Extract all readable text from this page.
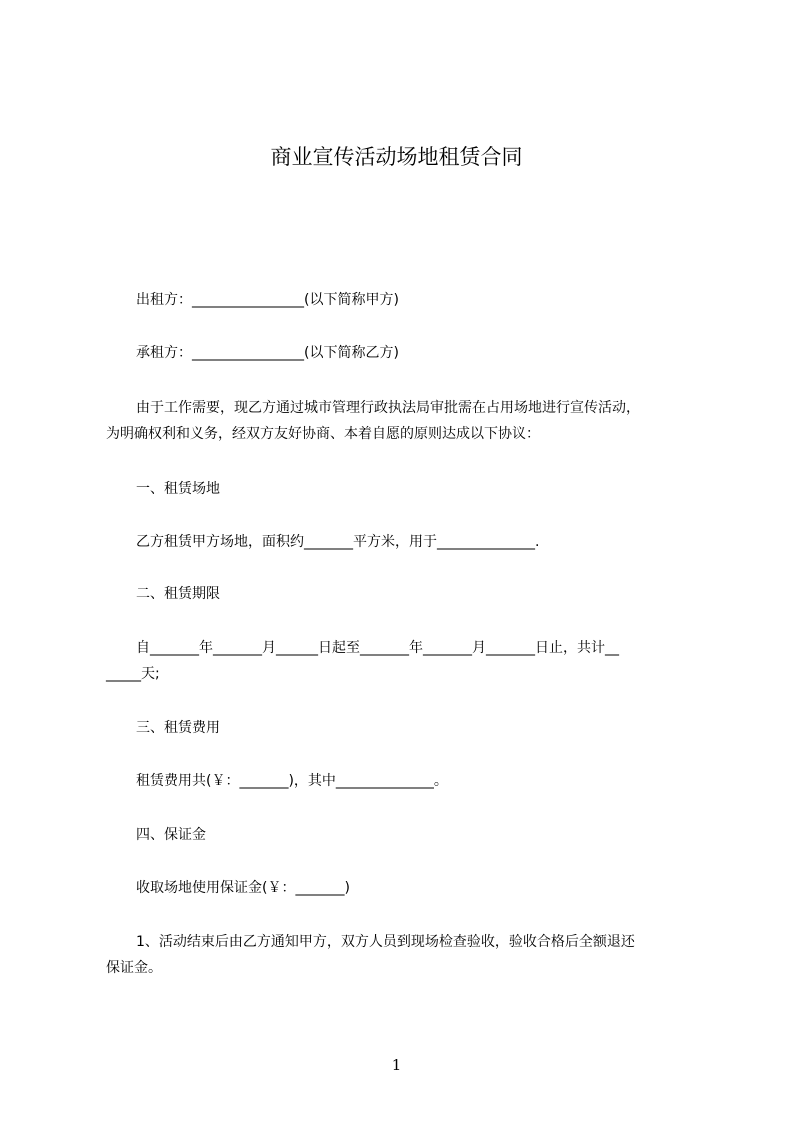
商业宣传活动场地租赁合同

出租方：________________(以下简称甲方)

承租方：________________(以下简称乙方)

由于工作需要，现乙方通过城市管理行政执法局审批需在占用场地进行宣传活动，

为明确权利和义务，经双方友好协商、本着自愿的原则达成以下协议：

一、租赁场地

乙方租赁甲方场地，面积约_______平方米，用于______________.

二、租赁期限

自_______年_______月______日起至_______年_______月_______日止，共计__

_____天;

三、租赁费用

租赁费用共(￥：_______)，其中______________。

四、保证金

收取场地使用保证金(￥：_______)

1、活动结束后由乙方通知甲方，双方人员到现场检查验收，验收合格后全额退还

保证金。

1
